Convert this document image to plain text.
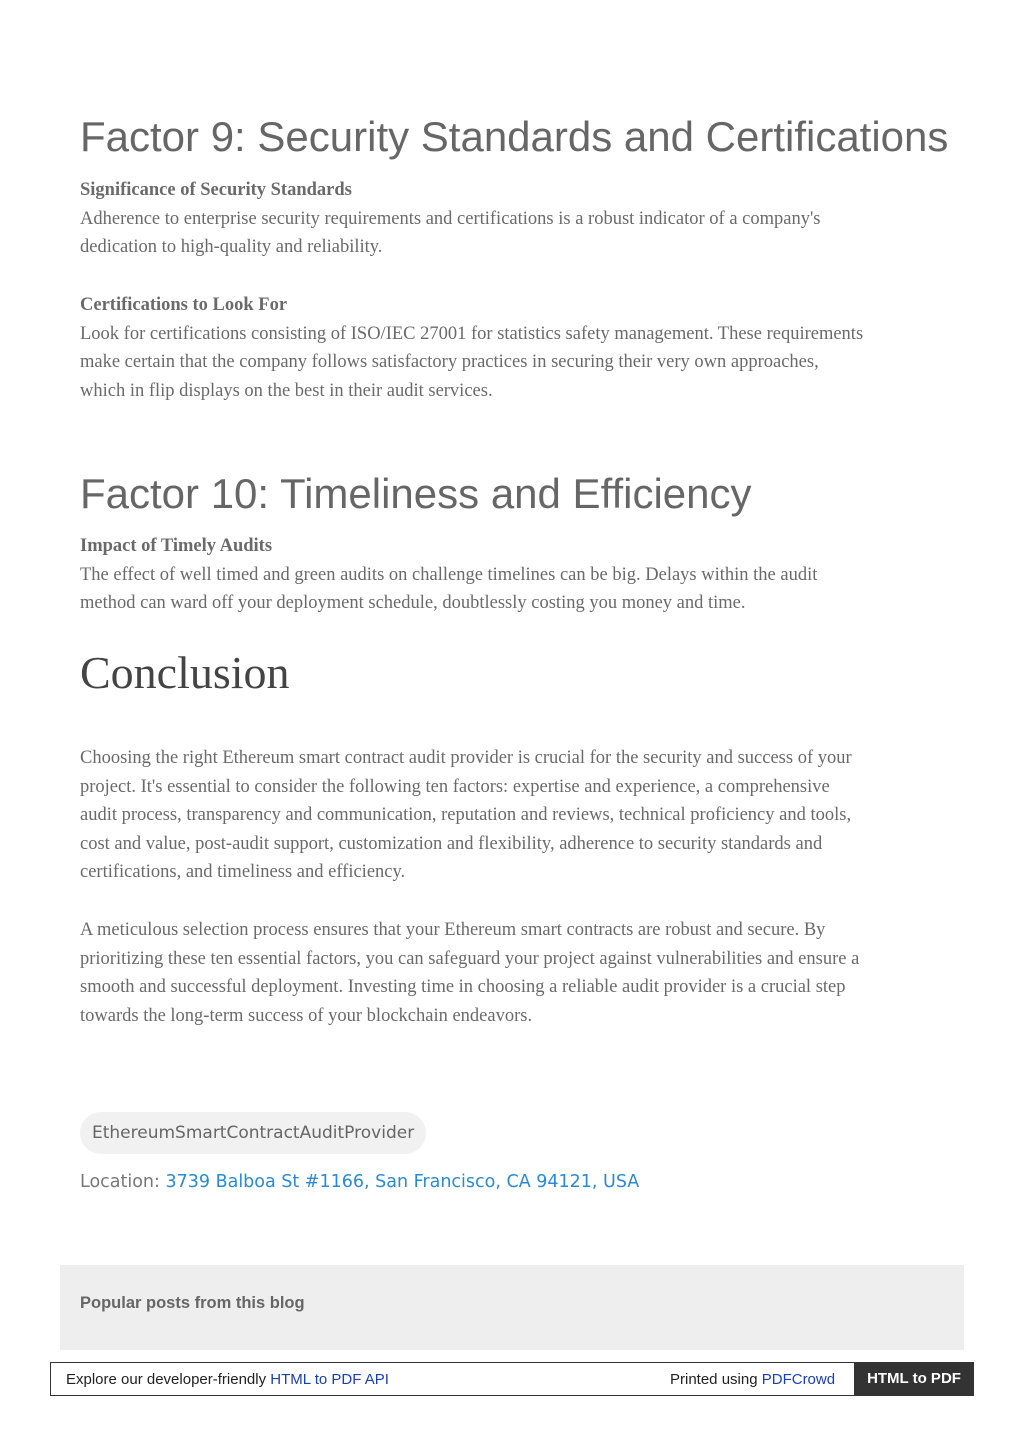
Factor 9: Security Standards and Certifications
Significance of Security Standards
Adherence to enterprise security requirements and certifications is a robust indicator of a company's
dedication to high-quality and reliability.
Certifications to Look For
Look for certifications consisting of ISO/IEC 27001 for statistics safety management. These requirements
make certain that the company follows satisfactory practices in securing their very own approaches,
which in flip displays on the best in their audit services.
Factor 10: Timeliness and Efficiency
Impact of Timely Audits
The effect of well timed and green audits on challenge timelines can be big. Delays within the audit
method can ward off your deployment schedule, doubtlessly costing you money and time.
Conclusion
Choosing the right Ethereum smart contract audit provider is crucial for the security and success of your
project. It's essential to consider the following ten factors: expertise and experience, a comprehensive
audit process, transparency and communication, reputation and reviews, technical proficiency and tools,
cost and value, post-audit support, customization and flexibility, adherence to security standards and
certifications, and timeliness and efficiency.
A meticulous selection process ensures that your Ethereum smart contracts are robust and secure. By
prioritizing these ten essential factors, you can safeguard your project against vulnerabilities and ensure a
smooth and successful deployment. Investing time in choosing a reliable audit provider is a crucial step
towards the long-term success of your blockchain endeavors.
EthereumSmartContractAuditProvider
Location: 3739 Balboa St #1166, San Francisco, CA 94121, USA
Popular posts from this blog
Explore our developer-friendly HTML to PDF API	Printed using PDFCrowd	HTML to PDF
